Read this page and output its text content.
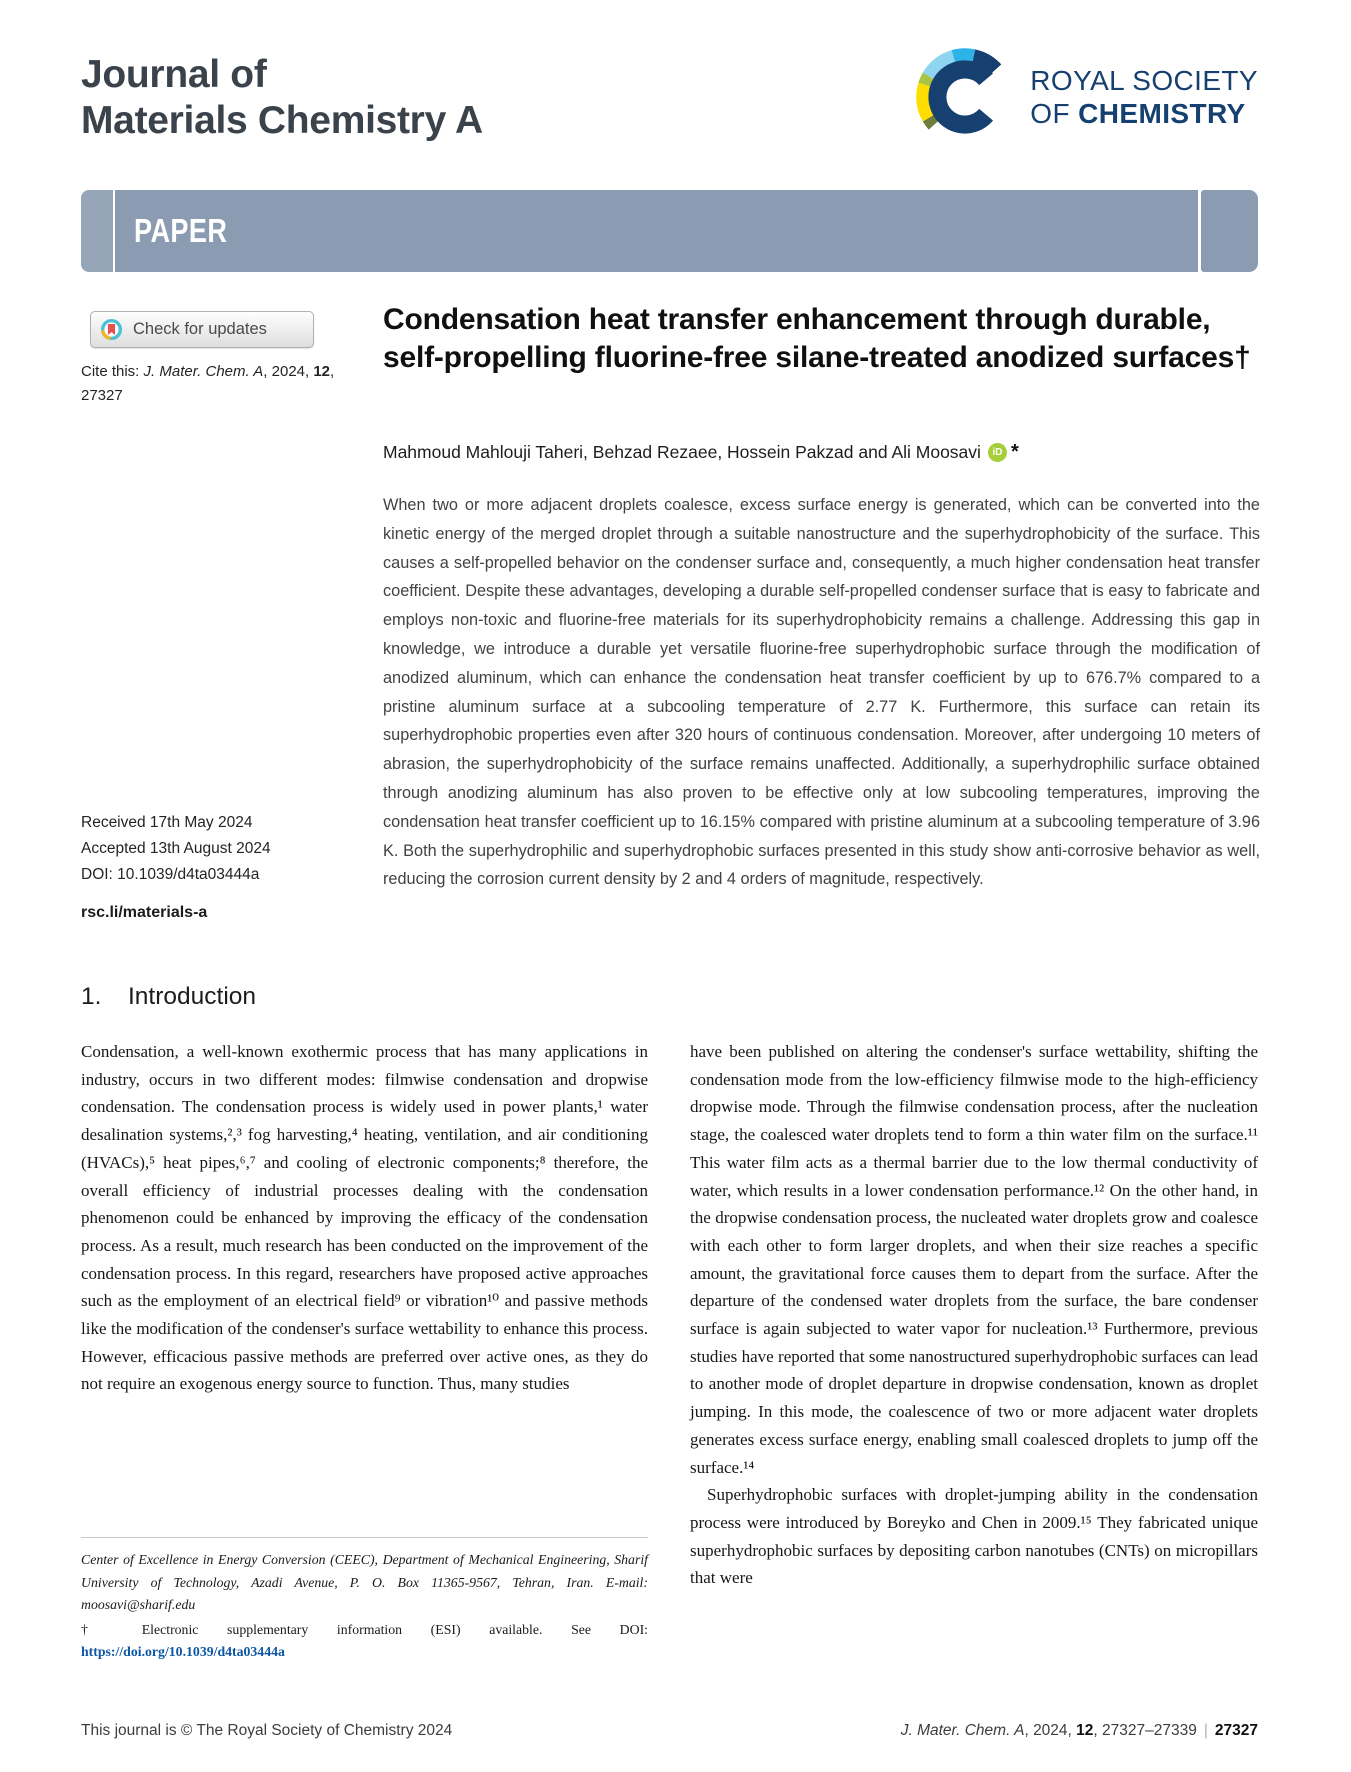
Journal of
Materials Chemistry A
ROYAL SOCIETY
OF CHEMISTRY
PAPER
Check for updates
Cite this: J. Mater. Chem. A, 2024, 12, 27327
Received 17th May 2024
Accepted 13th August 2024
DOI: 10.1039/d4ta03444a
rsc.li/materials-a
Condensation heat transfer enhancement through durable, self-propelling fluorine-free silane-treated anodized surfaces†
Mahmoud Mahlouji Taheri, Behzad Rezaee, Hossein Pakzad and Ali Moosavi	iD *
When two or more adjacent droplets coalesce, excess surface energy is generated, which can be converted into the kinetic energy of the merged droplet through a suitable nanostructure and the superhydrophobicity of the surface. This causes a self-propelled behavior on the condenser surface and, consequently, a much higher condensation heat transfer coefficient. Despite these advantages, developing a durable self-propelled condenser surface that is easy to fabricate and employs non-toxic and fluorine-free materials for its superhydrophobicity remains a challenge. Addressing this gap in knowledge, we introduce a durable yet versatile fluorine-free superhydrophobic surface through the modification of anodized aluminum, which can enhance the condensation heat transfer coefficient by up to 676.7% compared to a pristine aluminum surface at a subcooling temperature of 2.77 K. Furthermore, this surface can retain its superhydrophobic properties even after 320 hours of continuous condensation. Moreover, after undergoing 10 meters of abrasion, the superhydrophobicity of the surface remains unaffected. Additionally, a superhydrophilic surface obtained through anodizing aluminum has also proven to be effective only at low subcooling temperatures, improving the condensation heat transfer coefficient up to 16.15% compared with pristine aluminum at a subcooling temperature of 3.96 K. Both the superhydrophilic and superhydrophobic surfaces presented in this study show anti-corrosive behavior as well, reducing the corrosion current density by 2 and 4 orders of magnitude, respectively.
1.	Introduction

Condensation, a well-known exothermic process that has many applications in industry, occurs in two different modes: filmwise condensation and dropwise condensation. The condensation process is widely used in power plants,¹ water desalination systems,²,³ fog harvesting,⁴ heating, ventilation, and air conditioning (HVACs),⁵ heat pipes,⁶,⁷ and cooling of electronic components;⁸ therefore, the overall efficiency of industrial processes dealing with the condensation phenomenon could be enhanced by improving the efficacy of the condensation process. As a result, much research has been conducted on the improvement of the condensation process. In this regard, researchers have proposed active approaches such as the employment of an electrical field⁹ or vibration¹⁰ and passive methods like the modification of the condenser's surface wettability to enhance this process. However, efficacious passive methods are preferred over active ones, as they do not require an exogenous energy source to function. Thus, many studies

have been published on altering the condenser's surface wettability, shifting the condensation mode from the low-efficiency filmwise mode to the high-efficiency dropwise mode. Through the filmwise condensation process, after the nucleation stage, the coalesced water droplets tend to form a thin water film on the surface.¹¹ This water film acts as a thermal barrier due to the low thermal conductivity of water, which results in a lower condensation performance.¹² On the other hand, in the dropwise condensation process, the nucleated water droplets grow and coalesce with each other to form larger droplets, and when their size reaches a specific amount, the gravitational force causes them to depart from the surface. After the departure of the condensed water droplets from the surface, the bare condenser surface is again subjected to water vapor for nucleation.¹³ Furthermore, previous studies have reported that some nanostructured superhydrophobic surfaces can lead to another mode of droplet departure in dropwise condensation, known as droplet jumping. In this mode, the coalescence of two or more adjacent water droplets generates excess surface energy, enabling small coalesced droplets to jump off the surface.¹⁴

Superhydrophobic surfaces with droplet-jumping ability in the condensation process were introduced by Boreyko and Chen in 2009.¹⁵ They fabricated unique superhydrophobic surfaces by depositing carbon nanotubes (CNTs) on micropillars that were

Center of Excellence in Energy Conversion (CEEC), Department of Mechanical Engineering, Sharif University of Technology, Azadi Avenue, P. O. Box 11365-9567, Tehran, Iran. E-mail: moosavi@sharif.edu

† Electronic supplementary information (ESI) available. See DOI: https://doi.org/10.1039/d4ta03444a

This journal is © The Royal Society of Chemistry 2024	J. Mater. Chem. A, 2024, 12, 27327–27339 | 27327
